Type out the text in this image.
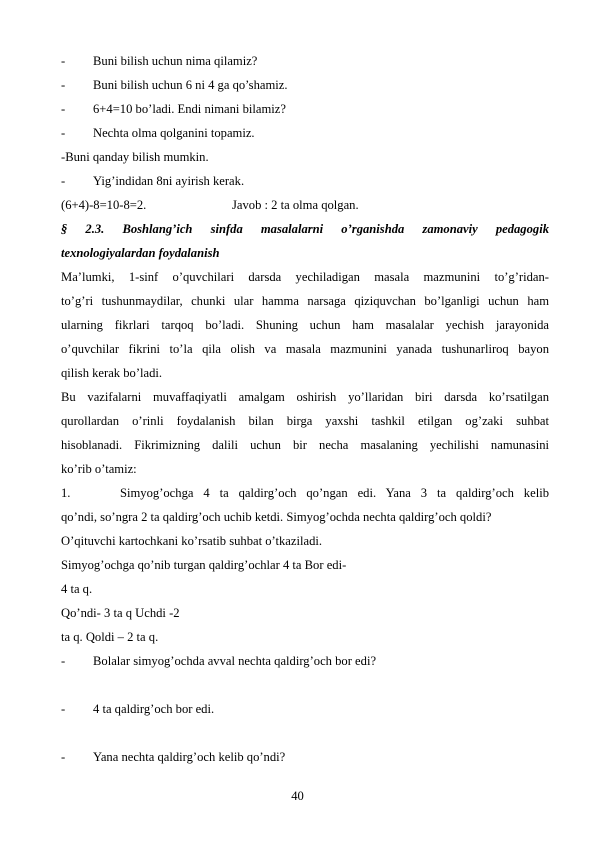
- Buni bilish uchun nima qilamiz?
- Buni bilish uchun 6 ni 4 ga qo’shamiz.
- 6+4=10 bo’ladi. Endi nimani bilamiz?
- Nechta olma qolganini topamiz.
-Buni qanday bilish mumkin.
- Yig’indidan 8ni ayirish kerak.
(6+4)-8=10-8=2.	Javob : 2 ta olma qolgan.
§ 2.3. Boshlang’ich sinfda masalalarni o’rganishda zamonaviy pedagogik
texnologiyalardan foydalanish
Ma’lumki, 1-sinf o’quvchilari darsda yechiladigan masala mazmunini to’g’ridan-
to’g’ri tushunmaydilar, chunki ular hamma narsaga qiziquvchan bo’lganligi uchun ham
ularning fikrlari tarqoq bo’ladi. Shuning uchun ham masalalar yechish jarayonida
o’quvchilar fikrini to’la qila olish va masala mazmunini yanada tushunarliroq bayon
qilish kerak bo’ladi.
Bu vazifalarni muvaffaqiyatli amalgam oshirish yo’llaridan biri darsda ko’rsatilgan
qurollardan o’rinli foydalanish bilan birga yaxshi tashkil etilgan og’zaki suhbat
hisoblanadi. Fikrimizning dalili uchun bir necha masalaning yechilishi namunasini
ko’rib o’tamiz:
1.	Simyog’ochga 4 ta qaldirg’och qo’ngan edi. Yana 3 ta qaldirg’och kelib
qo’ndi, so’ngra 2 ta qaldirg’och uchib ketdi. Simyog’ochda nechta qaldirg’och qoldi?
O’qituvchi kartochkani ko’rsatib suhbat o’tkaziladi.
Simyog’ochga qo’nib turgan qaldirg’ochlar 4 ta Bor edi-
4 ta q.
Qo’ndi- 3 ta q Uchdi -2
ta q. Qoldi – 2 ta q.
- Bolalar simyog’ochda avval nechta qaldirg’och bor edi?
- 4 ta qaldirg’och bor edi.
- Yana nechta qaldirg’och kelib qo’ndi?
40
